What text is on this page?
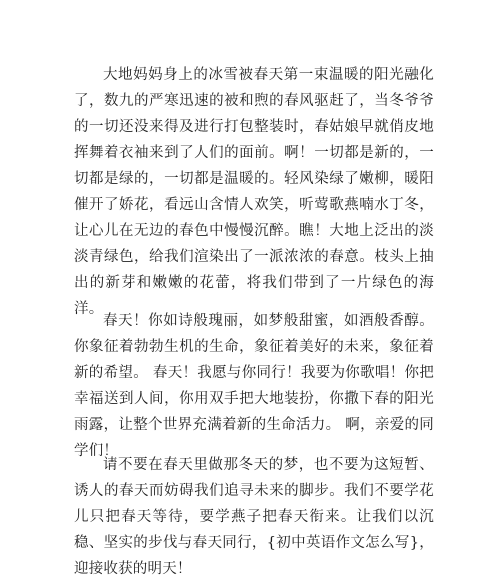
大地妈妈身上的冰雪被春天第一束温暖的阳光融化了，数九的严寒迅速的被和煦的春风驱赶了，当冬爷爷的一切还没来得及进行打包整装时，春姑娘早就俏皮地挥舞着衣袖来到了人们的面前。啊！一切都是新的，一切都是绿的，一切都是温暖的。轻风染绿了嫩柳，暖阳催开了娇花，看远山含情人欢笑，听莺歌燕喃水丁冬，让心儿在无边的春色中慢慢沉醉。瞧！大地上泛出的淡淡青绿色，给我们渲染出了一派浓浓的春意。枝头上抽出的新芽和嫩嫩的花蕾，将我们带到了一片绿色的海洋。

春天！你如诗般瑰丽，如梦般甜蜜，如酒般香醇。你象征着勃勃生机的生命，象征着美好的未来，象征着新的希望。 春天！我愿与你同行！我要为你歌唱！你把幸福送到人间，你用双手把大地装扮，你撒下春的阳光雨露，让整个世界充满着新的生命活力。 啊，亲爱的同学们！

请不要在春天里做那冬天的梦，也不要为这短暂、诱人的春天而妨碍我们追寻未来的脚步。我们不要学花儿只把春天等待，要学燕子把春天衔来。让我们以沉稳、坚实的步伐与春天同行，{初中英语作文怎么写}，迎接收获的明天！
